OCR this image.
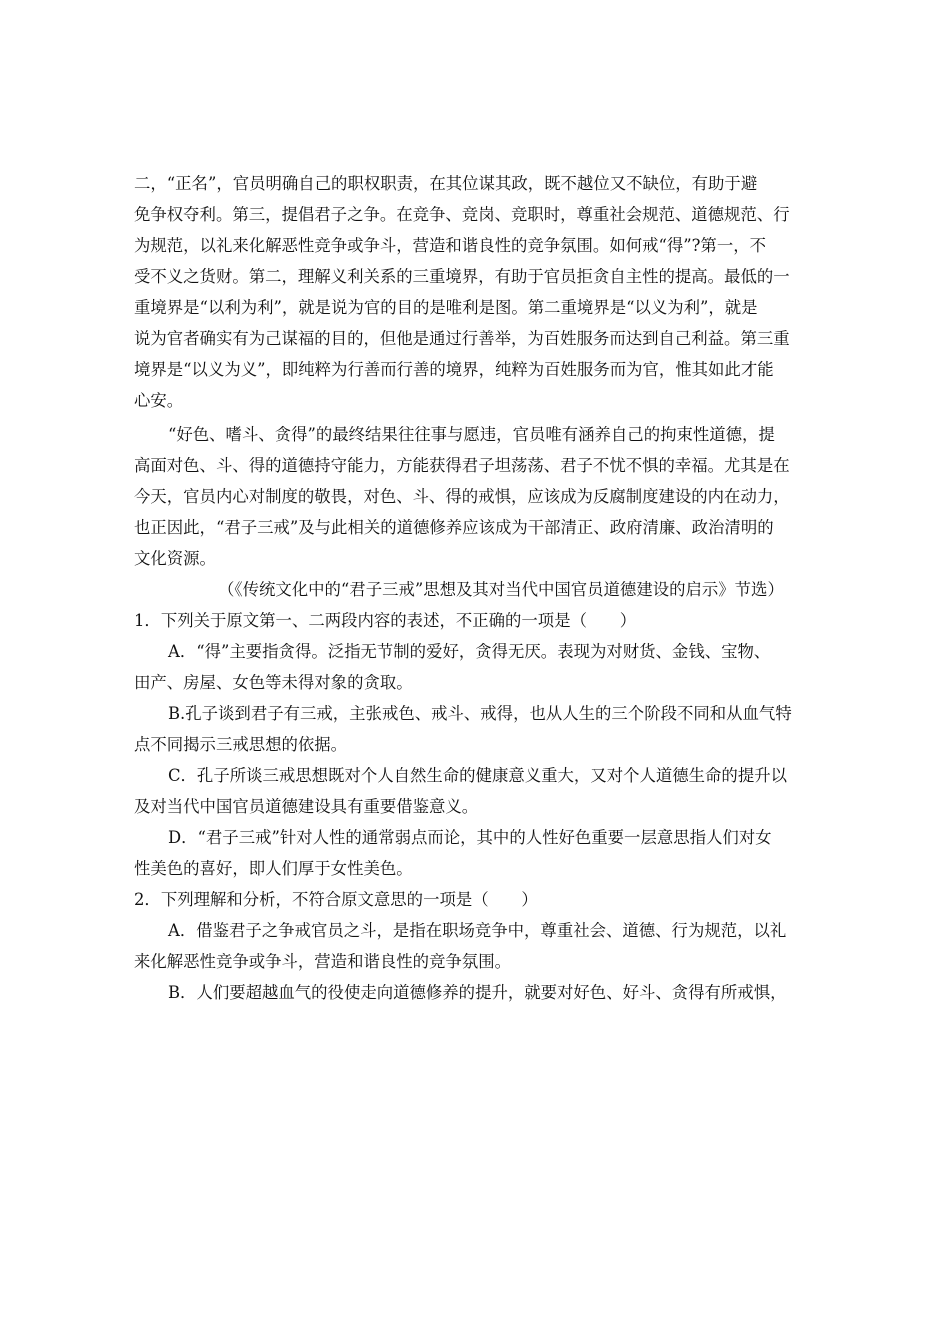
二，“正名”，官员明确自己的职权职责，在其位谋其政，既不越位又不缺位，有助于避
免争权夺利。第三，提倡君子之争。在竞争、竞岗、竞职时，尊重社会规范、道德规范、行
为规范，以礼来化解恶性竞争或争斗，营造和谐良性的竞争氛围。如何戒“得”?第一，不
受不义之货财。第二，理解义利关系的三重境界，有助于官员拒贪自主性的提高。最低的一
重境界是“以利为利”，就是说为官的目的是唯利是图。第二重境界是“以义为利”，就是
说为官者确实有为己谋福的目的，但他是通过行善举，为百姓服务而达到自己利益。第三重
境界是“以义为义”，即纯粹为行善而行善的境界，纯粹为百姓服务而为官，惟其如此才能
心安。
“好色、嗜斗、贪得”的最终结果往往事与愿违，官员唯有涵养自己的拘束性道德，提
高面对色、斗、得的道德持守能力，方能获得君子坦荡荡、君子不忧不惧的幸福。尤其是在
今天，官员内心对制度的敬畏，对色、斗、得的戒惧，应该成为反腐制度建设的内在动力，
也正因此，“君子三戒”及与此相关的道德修养应该成为干部清正、政府清廉、政治清明的
文化资源。
（《传统文化中的“君子三戒”思想及其对当代中国官员道德建设的启示》节选）
1．下列关于原文第一、二两段内容的表述，不正确的一项是（　　）
A．“得”主要指贪得。泛指无节制的爱好，贪得无厌。表现为对财货、金钱、宝物、
田产、房屋、女色等未得对象的贪取。
B.孔子谈到君子有三戒，主张戒色、戒斗、戒得，也从人生的三个阶段不同和从血气特
点不同揭示三戒思想的依据。
C．孔子所谈三戒思想既对个人自然生命的健康意义重大，又对个人道德生命的提升以
及对当代中国官员道德建设具有重要借鉴意义。
D．“君子三戒”针对人性的通常弱点而论，其中的人性好色重要一层意思指人们对女
性美色的喜好，即人们厚于女性美色。
2．下列理解和分析，不符合原文意思的一项是（　　）
A．借鉴君子之争戒官员之斗，是指在职场竞争中，尊重社会、道德、行为规范，以礼
来化解恶性竞争或争斗，营造和谐良性的竞争氛围。
B．人们要超越血气的役使走向道德修养的提升，就要对好色、好斗、贪得有所戒惧，
